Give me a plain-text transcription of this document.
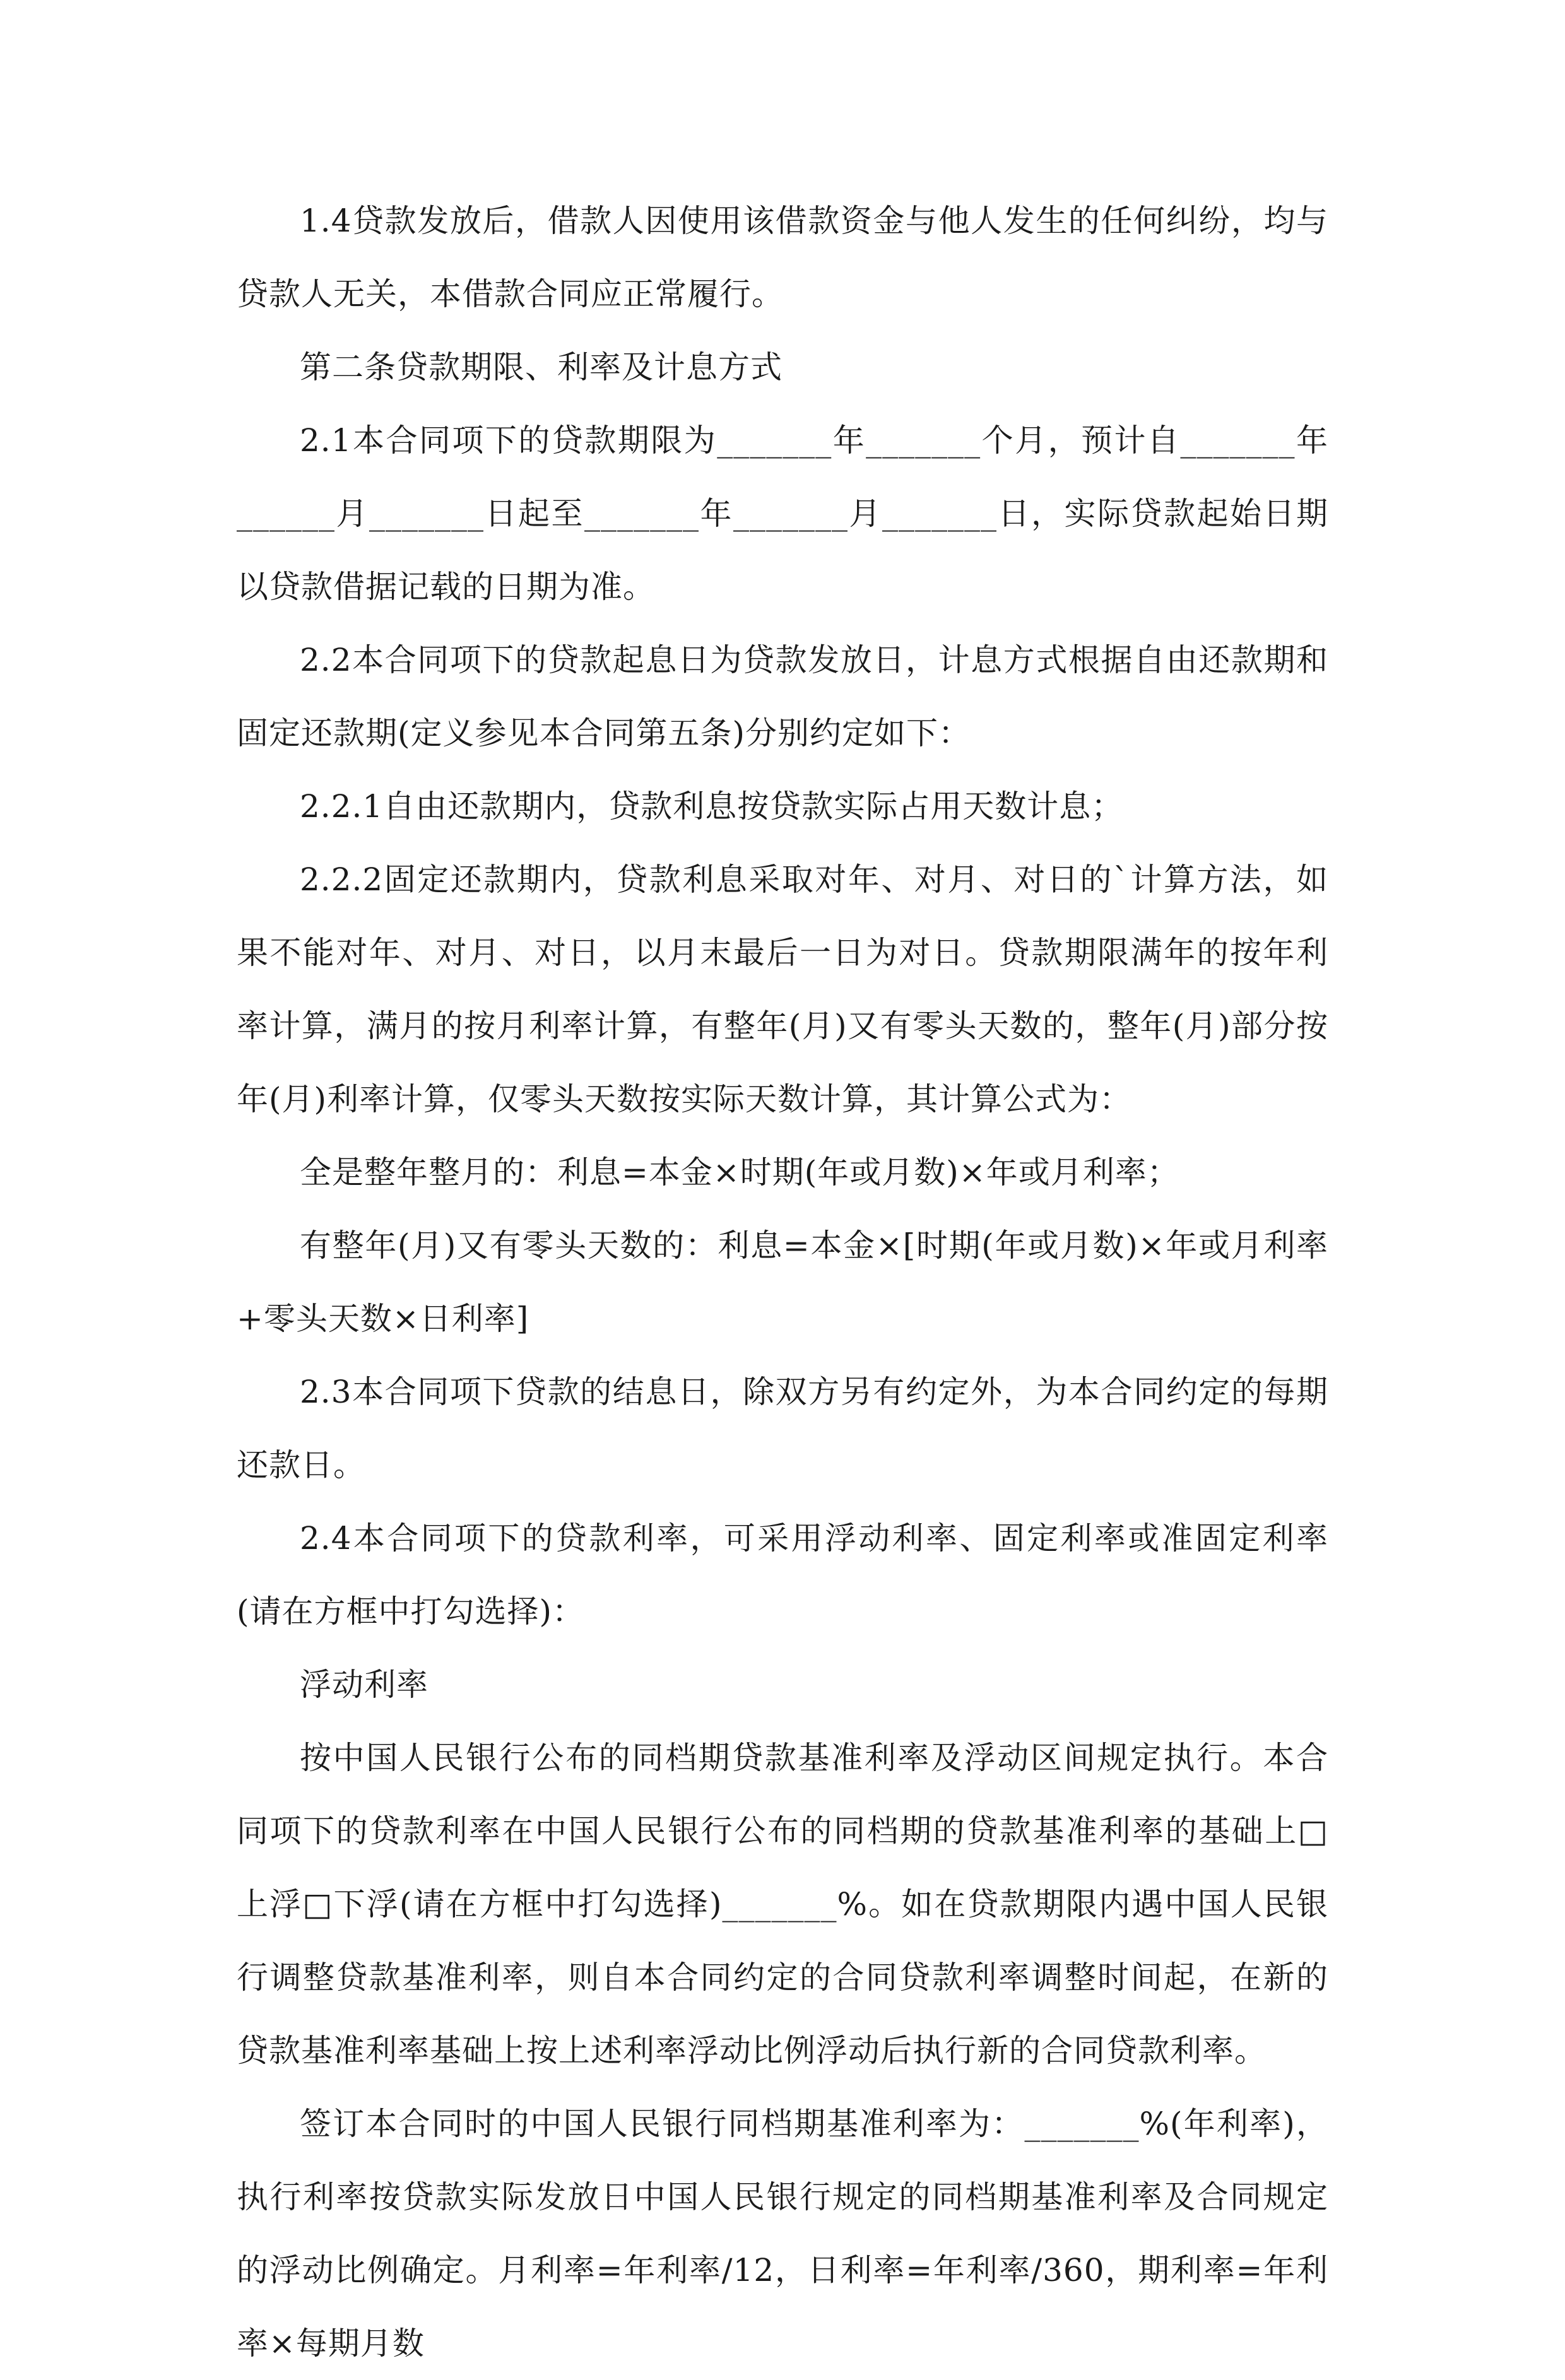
1.4贷款发放后，借款人因使用该借款资金与他人发生的任何纠纷，均与贷款人无关，本借款合同应正常履行。

第二条贷款期限、利率及计息方式

2.1本合同项下的贷款期限为_______年_______个月，预计自_______年______月_______日起至_______年_______月_______日，实际贷款起始日期以贷款借据记载的日期为准。

2.2本合同项下的贷款起息日为贷款发放日，计息方式根据自由还款期和固定还款期(定义参见本合同第五条)分别约定如下：

2.2.1自由还款期内，贷款利息按贷款实际占用天数计息；

2.2.2固定还款期内，贷款利息采取对年、对月、对日的`计算方法，如果不能对年、对月、对日，以月末最后一日为对日。贷款期限满年的按年利率计算，满月的按月利率计算，有整年(月)又有零头天数的，整年(月)部分按年(月)利率计算，仅零头天数按实际天数计算，其计算公式为：

全是整年整月的：利息=本金×时期(年或月数)×年或月利率；

有整年(月)又有零头天数的：利息=本金×[时期(年或月数)×年或月利率+零头天数×日利率]

2.3本合同项下贷款的结息日，除双方另有约定外，为本合同约定的每期还款日。

2.4本合同项下的贷款利率，可采用浮动利率、固定利率或准固定利率(请在方框中打勾选择)：

浮动利率

按中国人民银行公布的同档期贷款基准利率及浮动区间规定执行。本合同项下的贷款利率在中国人民银行公布的同档期的贷款基准利率的基础上□上浮□下浮(请在方框中打勾选择)_______%。如在贷款期限内遇中国人民银行调整贷款基准利率，则自本合同约定的合同贷款利率调整时间起，在新的贷款基准利率基础上按上述利率浮动比例浮动后执行新的合同贷款利率。

签订本合同时的中国人民银行同档期基准利率为：_______%(年利率)，执行利率按贷款实际发放日中国人民银行规定的同档期基准利率及合同规定的浮动比例确定。月利率=年利率/12，日利率=年利率/360，期利率=年利率×每期月数
